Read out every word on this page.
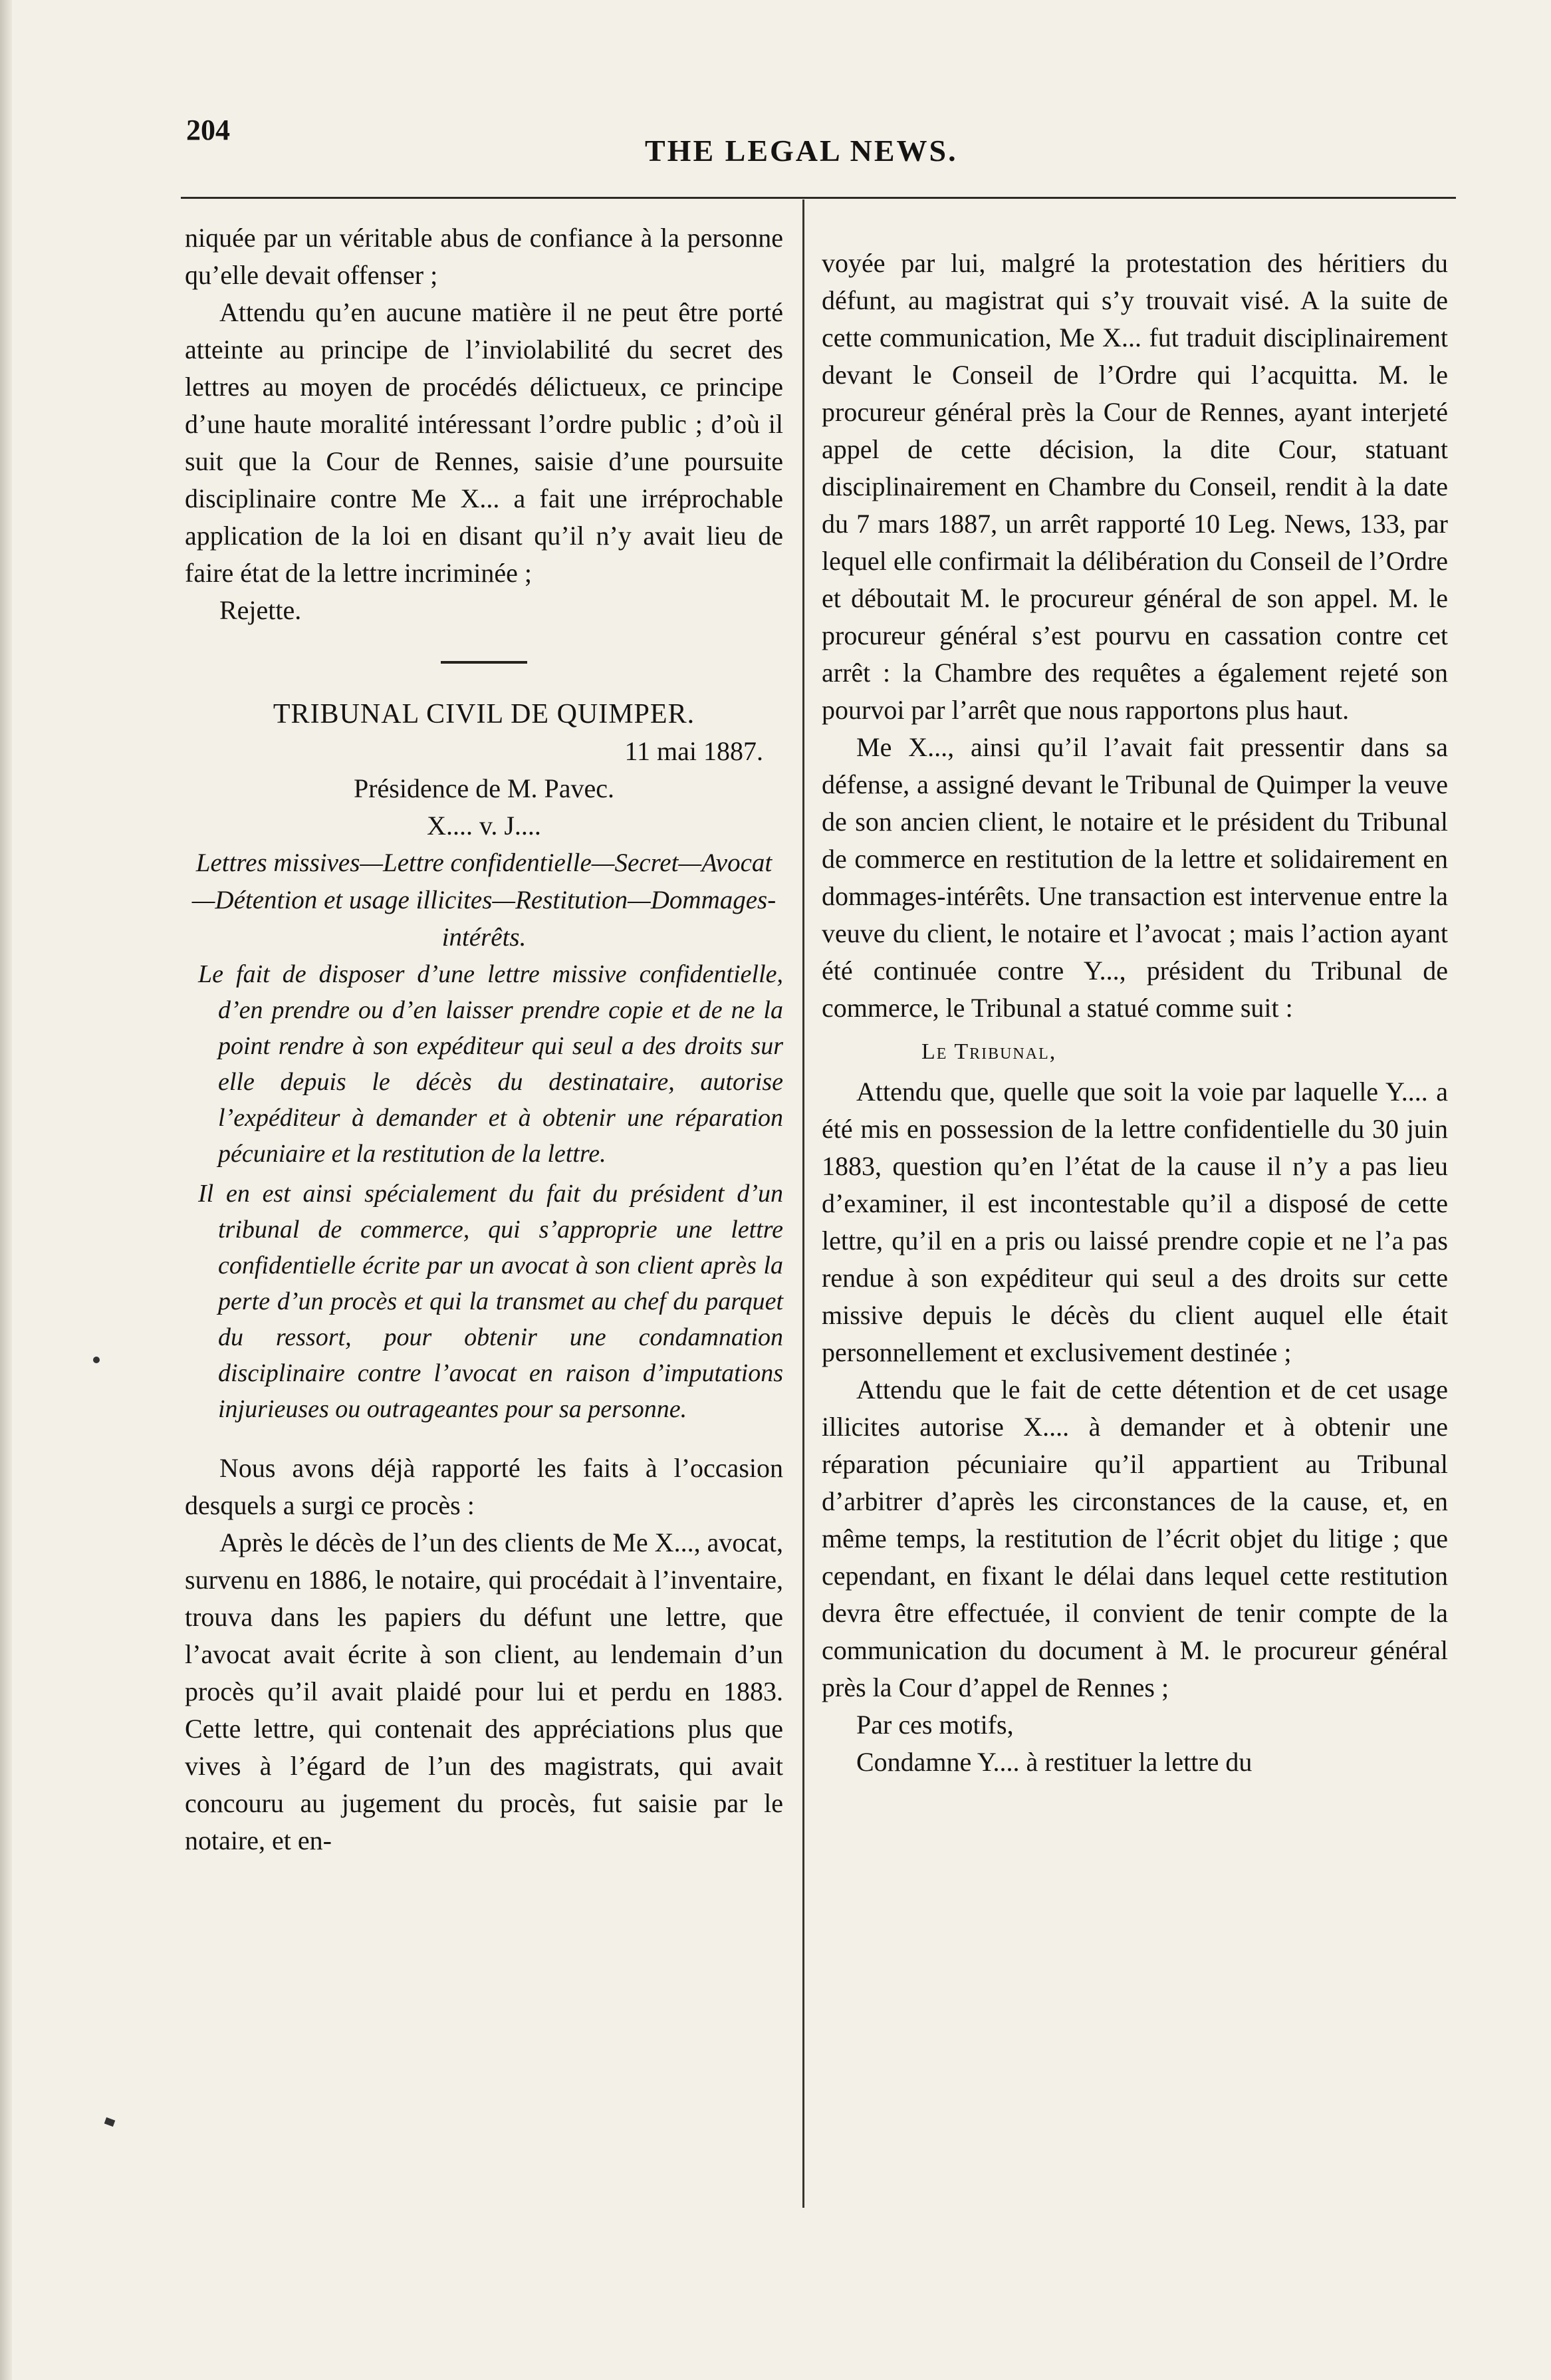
204
THE LEGAL NEWS.

niquée par un véritable abus de confiance à la personne qu’elle devait offenser ;

Attendu qu’en aucune matière il ne peut être porté atteinte au principe de l’inviolabilité du secret des lettres au moyen de procédés délictueux, ce principe d’une haute moralité intéressant l’ordre public ; d’où il suit que la Cour de Rennes, saisie d’une poursuite disciplinaire contre Me X... a fait une irréprochable application de la loi en disant qu’il n’y avait lieu de faire état de la lettre incriminée ;

Rejette.

TRIBUNAL CIVIL DE QUIMPER.

11 mai 1887.

Présidence de M. Pavec.

X.... v. J....

Lettres missives—Lettre confidentielle—Secret—Avocat—Détention et usage illicites—Restitution—Dommages-intérêts.

Le fait de disposer d’une lettre missive confidentielle, d’en prendre ou d’en laisser prendre copie et de ne la point rendre à son expéditeur qui seul a des droits sur elle depuis le décès du destinataire, autorise l’expéditeur à demander et à obtenir une réparation pécuniaire et la restitution de la lettre.

Il en est ainsi spécialement du fait du président d’un tribunal de commerce, qui s’approprie une lettre confidentielle écrite par un avocat à son client après la perte d’un procès et qui la transmet au chef du parquet du ressort, pour obtenir une condamnation disciplinaire contre l’avocat en raison d’imputations injurieuses ou outrageantes pour sa personne.

Nous avons déjà rapporté les faits à l’occasion desquels a surgi ce procès :

Après le décès de l’un des clients de Me X..., avocat, survenu en 1886, le notaire, qui procédait à l’inventaire, trouva dans les papiers du défunt une lettre, que l’avocat avait écrite à son client, au lendemain d’un procès qu’il avait plaidé pour lui et perdu en 1883. Cette lettre, qui contenait des appréciations plus que vives à l’égard de l’un des magistrats, qui avait concouru au jugement du procès, fut saisie par le notaire, et en-

voyée par lui, malgré la protestation des héritiers du défunt, au magistrat qui s’y trouvait visé. A la suite de cette communication, Me X... fut traduit disciplinairement devant le Conseil de l’Ordre qui l’acquitta. M. le procureur général près la Cour de Rennes, ayant interjeté appel de cette décision, la dite Cour, statuant disciplinairement en Chambre du Conseil, rendit à la date du 7 mars 1887, un arrêt rapporté 10 Leg. News, 133, par lequel elle confirmait la délibération du Conseil de l’Ordre et déboutait M. le procureur général de son appel. M. le procureur général s’est pourvu en cassation contre cet arrêt : la Chambre des requêtes a également rejeté son pourvoi par l’arrêt que nous rapportons plus haut.

Me X..., ainsi qu’il l’avait fait pressentir dans sa défense, a assigné devant le Tribunal de Quimper la veuve de son ancien client, le notaire et le président du Tribunal de commerce en restitution de la lettre et solidairement en dommages-intérêts. Une transaction est intervenue entre la veuve du client, le notaire et l’avocat ; mais l’action ayant été continuée contre Y..., président du Tribunal de commerce, le Tribunal a statué comme suit :

Le Tribunal,

Attendu que, quelle que soit la voie par laquelle Y.... a été mis en possession de la lettre confidentielle du 30 juin 1883, question qu’en l’état de la cause il n’y a pas lieu d’examiner, il est incontestable qu’il a disposé de cette lettre, qu’il en a pris ou laissé prendre copie et ne l’a pas rendue à son expéditeur qui seul a des droits sur cette missive depuis le décès du client auquel elle était personnellement et exclusivement destinée ;

Attendu que le fait de cette détention et de cet usage illicites autorise X.... à demander et à obtenir une réparation pécuniaire qu’il appartient au Tribunal d’arbitrer d’après les circonstances de la cause, et, en même temps, la restitution de l’écrit objet du litige ; que cependant, en fixant le délai dans lequel cette restitution devra être effectuée, il convient de tenir compte de la communication du document à M. le procureur général près la Cour d’appel de Rennes ;

Par ces motifs,

Condamne Y.... à restituer la lettre du
